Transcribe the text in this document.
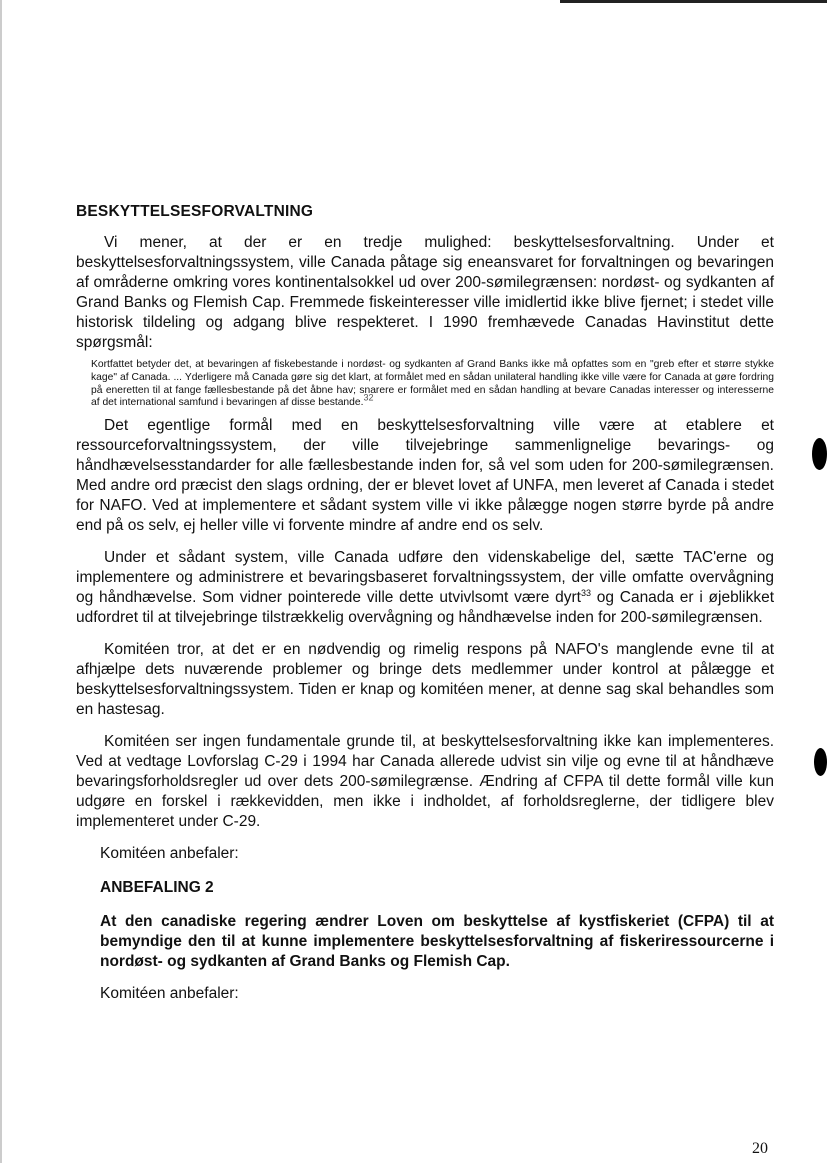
BESKYTTELSESFORVALTNING

Vi mener, at der er en tredje mulighed: beskyttelsesforvaltning. Under et beskyttelsesforvaltningssystem, ville Canada påtage sig eneansvaret for forvaltningen og bevaringen af områderne omkring vores kontinentalsokkel ud over 200-sømilegrænsen: nordøst- og sydkanten af Grand Banks og Flemish Cap. Fremmede fiskeinteresser ville imidlertid ikke blive fjernet; i stedet ville historisk tildeling og adgang blive respekteret. I 1990 fremhævede Canadas Havinstitut dette spørgsmål:

Kortfattet betyder det, at bevaringen af fiskebestande i nordøst- og sydkanten af Grand Banks ikke må opfattes som en "greb efter et større stykke kage" af Canada. ... Yderligere må Canada gøre sig det klart, at formålet med en sådan unilateral handling ikke ville være for Canada at gøre fordring på eneretten til at fange fællesbestande på det åbne hav; snarere er formålet med en sådan handling at bevare Canadas interesser og interesserne af det international samfund i bevaringen af disse bestande.$^{32}$

Det egentlige formål med en beskyttelsesforvaltning ville være at etablere et ressourceforvaltningssystem, der ville tilvejebringe sammenlignelige bevarings- og håndhævelsesstandarder for alle fællesbestande inden for, så vel som uden for 200-sømilegrænsen. Med andre ord præcist den slags ordning, der er blevet lovet af UNFA, men leveret af Canada i stedet for NAFO. Ved at implementere et sådant system ville vi ikke pålægge nogen større byrde på andre end på os selv, ej heller ville vi forvente mindre af andre end os selv.

Under et sådant system, ville Canada udføre den videnskabelige del, sætte TAC'erne og implementere og administrere et bevaringsbaseret forvaltningssystem, der ville omfatte overvågning og håndhævelse. Som vidner pointerede ville dette utvivlsomt være dyrt$^{33}$ og Canada er i øjeblikket udfordret til at tilvejebringe tilstrækkelig overvågning og håndhævelse inden for 200-sømilegrænsen.

Komitéen tror, at det er en nødvendig og rimelig respons på NAFO's manglende evne til at afhjælpe dets nuværende problemer og bringe dets medlemmer under kontrol at pålægge et beskyttelsesforvaltningssystem. Tiden er knap og komitéen mener, at denne sag skal behandles som en hastesag.

Komitéen ser ingen fundamentale grunde til, at beskyttelsesforvaltning ikke kan implementeres. Ved at vedtage Lovforslag C-29 i 1994 har Canada allerede udvist sin vilje og evne til at håndhæve bevaringsforholdsregler ud over dets 200-sømilegrænse. Ændring af CFPA til dette formål ville kun udgøre en forskel i rækkevidden, men ikke i indholdet, af forholdsreglerne, der tidligere blev implementeret under C-29.

Komitéen anbefaler:

ANBEFALING 2

At den canadiske regering ændrer Loven om beskyttelse af kystfiskeriet (CFPA) til at bemyndige den til at kunne implementere beskyttelsesforvaltning af fiskeriressourcerne i nordøst- og sydkanten af Grand Banks og Flemish Cap.

Komitéen anbefaler:

20
